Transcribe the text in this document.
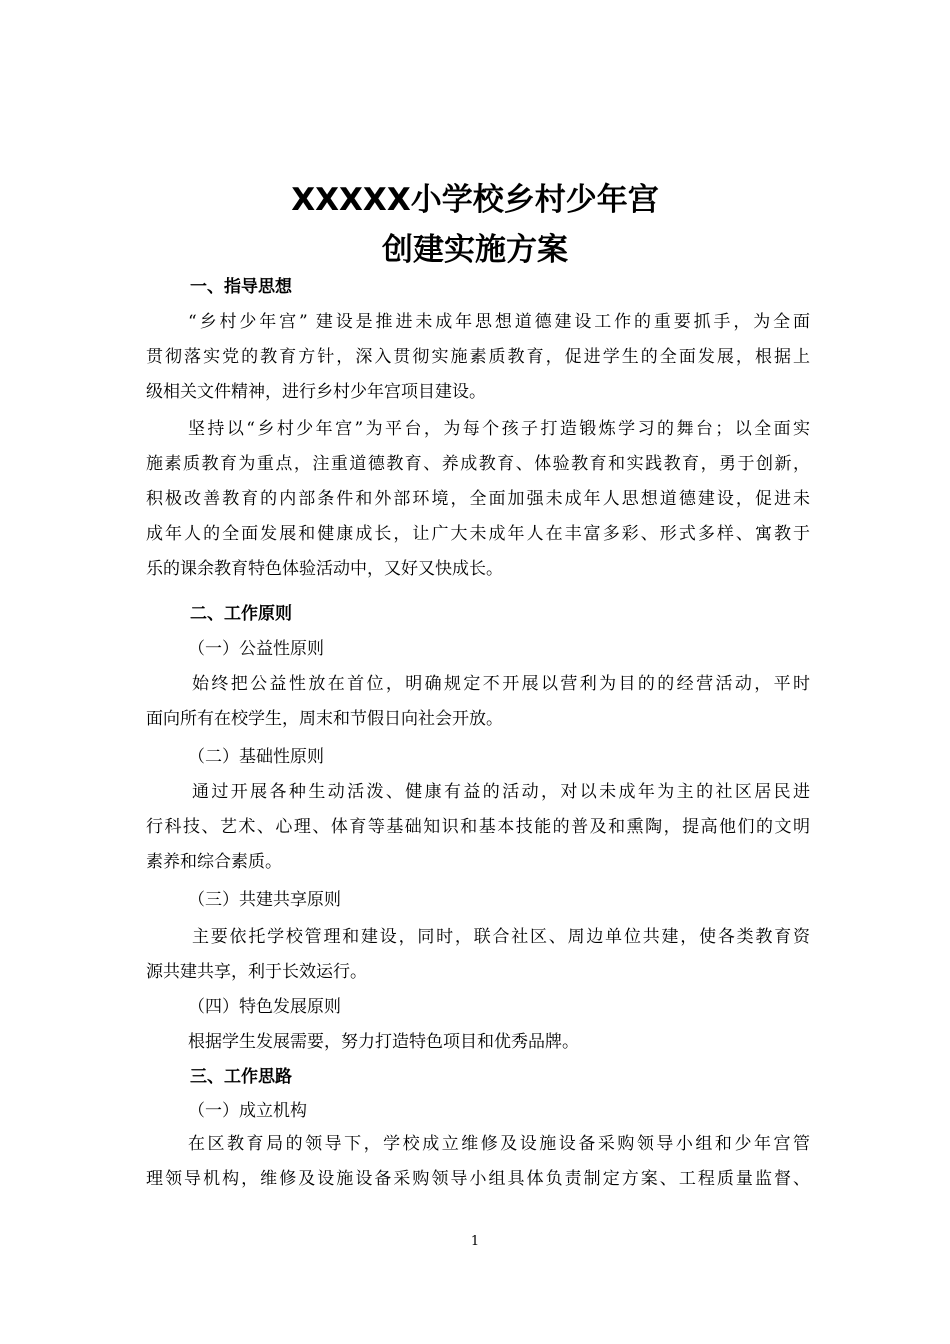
XXXXX小学校乡村少年宫
创建实施方案
一、指导思想
“乡村少年宫” 建设是推进未成年思想道德建设工作的重要抓手，为全面
贯彻落实党的教育方针，深入贯彻实施素质教育，促进学生的全面发展，根据上
级相关文件精神，进行乡村少年宫项目建设。
坚持以“乡村少年宫”为平台，为每个孩子打造锻炼学习的舞台；以全面实
施素质教育为重点，注重道德教育、养成教育、体验教育和实践教育，勇于创新，
积极改善教育的内部条件和外部环境，全面加强未成年人思想道德建设，促进未
成年人的全面发展和健康成长，让广大未成年人在丰富多彩、形式多样、寓教于
乐的课余教育特色体验活动中，又好又快成长。
二、工作原则
（一）公益性原则
始终把公益性放在首位，明确规定不开展以营利为目的的经营活动，平时
面向所有在校学生，周末和节假日向社会开放。
（二）基础性原则
通过开展各种生动活泼、健康有益的活动，对以未成年为主的社区居民进
行科技、艺术、心理、体育等基础知识和基本技能的普及和熏陶，提高他们的文明
素养和综合素质。
（三）共建共享原则
主要依托学校管理和建设，同时，联合社区、周边单位共建，使各类教育资
源共建共享，利于长效运行。
（四）特色发展原则
根据学生发展需要，努力打造特色项目和优秀品牌。
三、工作思路
（一）成立机构
在区教育局的领导下，学校成立维修及设施设备采购领导小组和少年宫管
理领导机构，维修及设施设备采购领导小组具体负责制定方案、工程质量监督、
1
